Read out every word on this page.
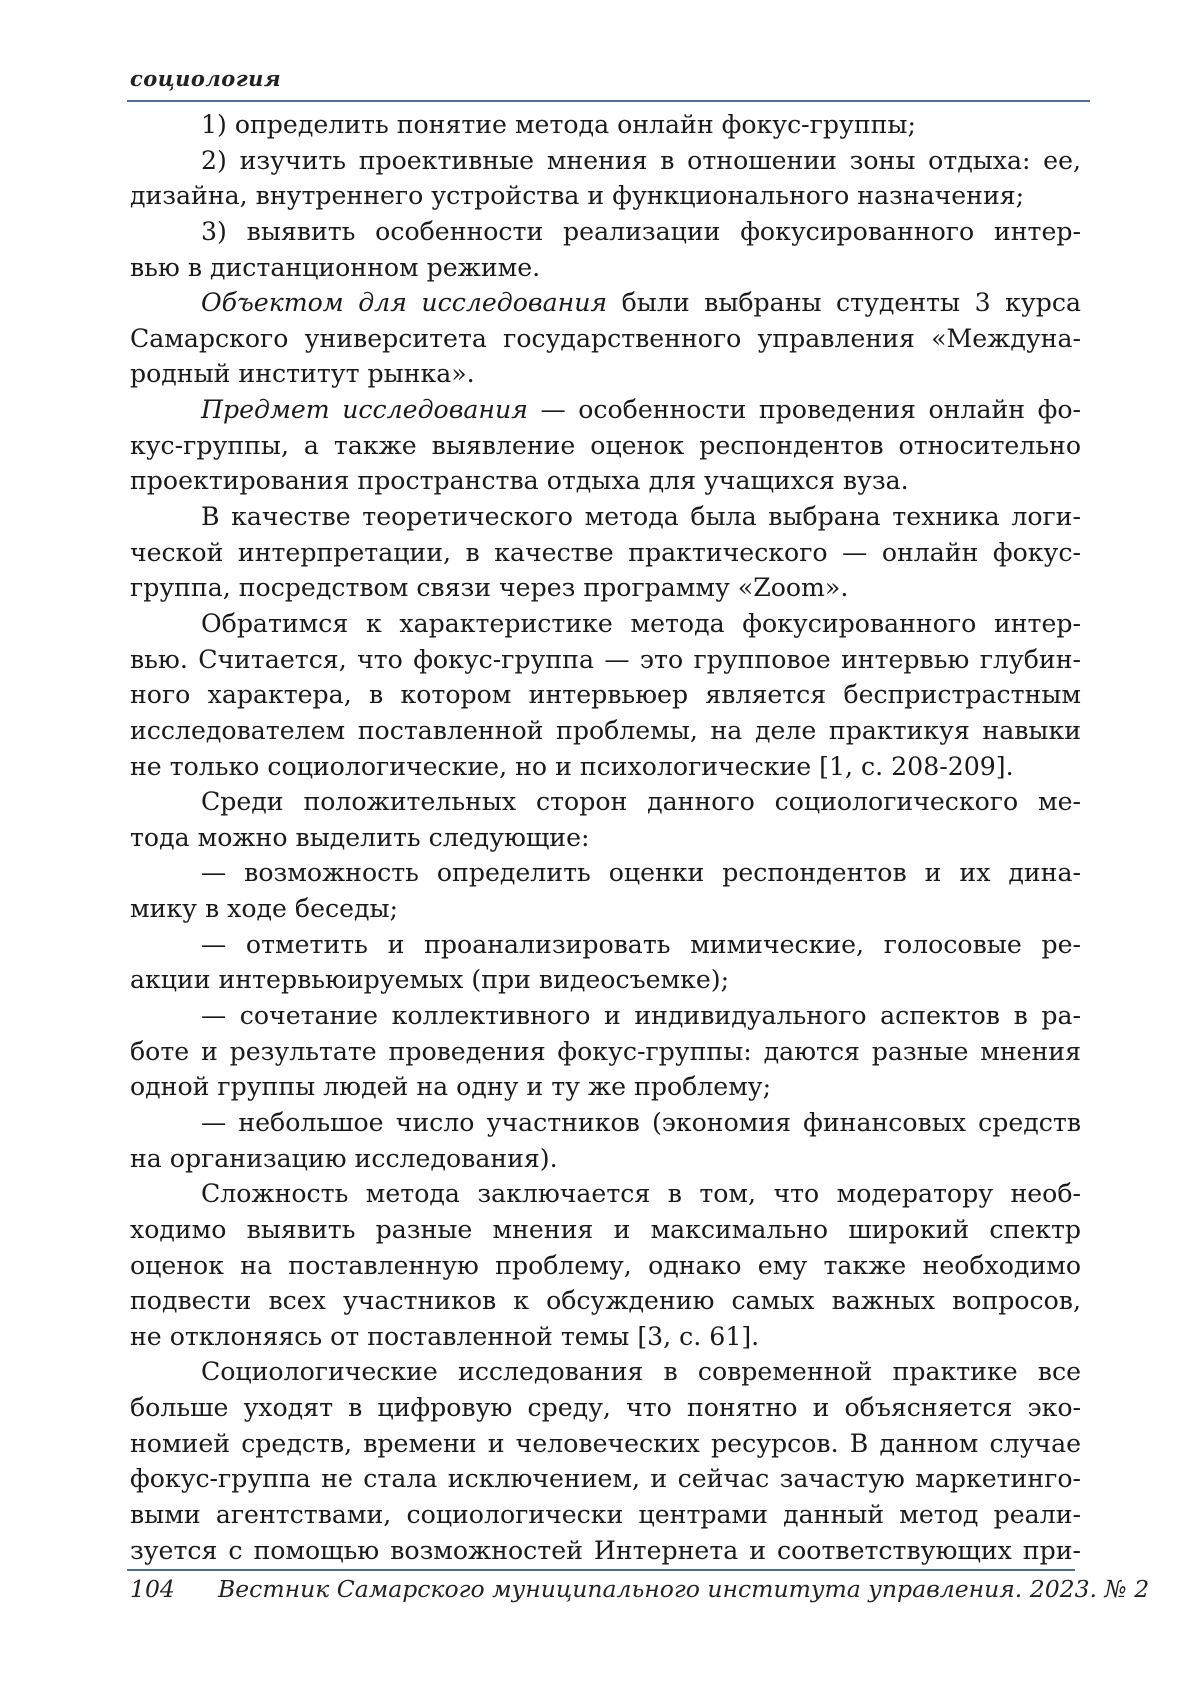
социология
1) определить понятие метода онлайн фокус-группы;
2) изучить проективные мнения в отношении зоны отдыха: ее,
дизайна, внутреннего устройства и функционального назначения;
3) выявить особенности реализации фокусированного интер-
вью в дистанционном режиме.
Объектом для исследования были выбраны студенты 3 курса
Самарского университета государственного управления «Междуна-
родный институт рынка».
Предмет исследования — особенности проведения онлайн фо-
кус-группы, а также выявление оценок респондентов относительно
проектирования пространства отдыха для учащихся вуза.
В качестве теоретического метода была выбрана техника логи-
ческой интерпретации, в качестве практического — онлайн фокус-
группа, посредством связи через программу «Zoom».
Обратимся к характеристике метода фокусированного интер-
вью. Считается, что фокус-группа — это групповое интервью глубин-
ного характера, в котором интервьюер является беспристрастным
исследователем поставленной проблемы, на деле практикуя навыки
не только социологические, но и психологические [1, с. 208-209].
Среди положительных сторон данного социологического ме-
тода можно выделить следующие:
— возможность определить оценки респондентов и их дина-
мику в ходе беседы;
— отметить и проанализировать мимические, голосовые ре-
акции интервьюируемых (при видеосъемке);
— сочетание коллективного и индивидуального аспектов в ра-
боте и результате проведения фокус-группы: даются разные мнения
одной группы людей на одну и ту же проблему;
— небольшое число участников (экономия финансовых средств
на организацию исследования).
Сложность метода заключается в том, что модератору необ-
ходимо выявить разные мнения и максимально широкий спектр
оценок на поставленную проблему, однако ему также необходимо
подвести всех участников к обсуждению самых важных вопросов,
не отклоняясь от поставленной темы [3, с. 61].
Социологические исследования в современной практике все
больше уходят в цифровую среду, что понятно и объясняется эко-
номией средств, времени и человеческих ресурсов. В данном случае
фокус-группа не стала исключением, и сейчас зачастую маркетинго-
выми агентствами, социологически центрами данный метод реали-
зуется с помощью возможностей Интернета и соответствующих при-
104 Вестник Самарского муниципального института управления. 2023. № 2
